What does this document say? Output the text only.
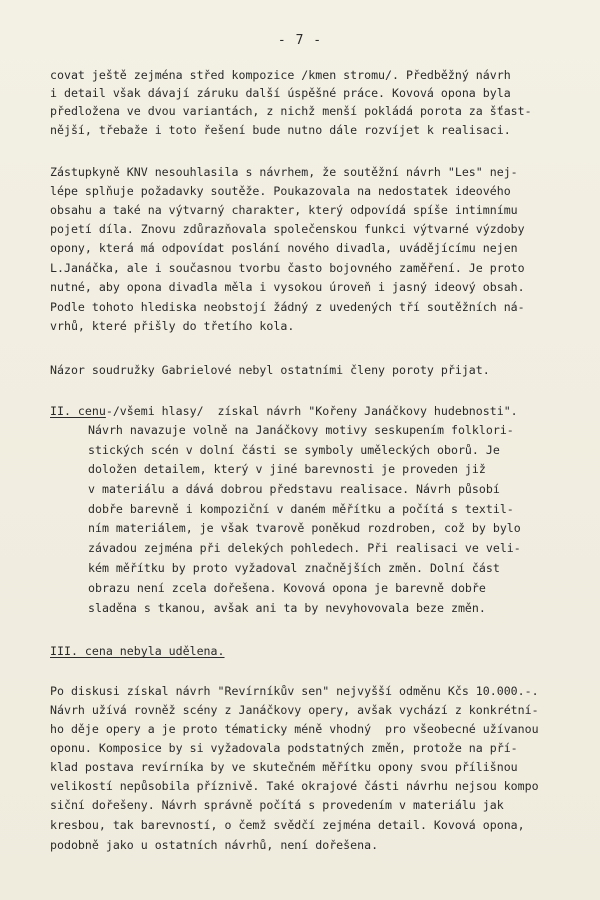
- 7 -
covat ještě zejména střed kompozice /kmen stromu/. Předběžný návrh
i detail však dávají záruku další úspěšné práce. Kovová opona byla
předložena ve dvou variantách, z nichž menší pokládá porota za šťast-
nější, třebaže i toto řešení bude nutno dále rozvíjet k realisaci.
Zástupkyně KNV nesouhlasila s návrhem, že soutěžní návrh "Les" nej-
lépe splňuje požadavky soutěže. Poukazovala na nedostatek ideového
obsahu a také na výtvarný charakter, který odpovídá spíše intimnímu
pojetí díla. Znovu zdůrazňovala společenskou funkci výtvarné výzdoby
opony, která má odpovídat poslání nového divadla, uvádějícímu nejen
L.Janáčka, ale i současnou tvorbu často bojovného zaměření. Je proto
nutné, aby opona divadla měla i vysokou úroveň i jasný ideový obsah.
Podle tohoto hlediska neobstojí žádný z uvedených tří soutěžních ná-
vrhů, které přišly do třetího kola.
Názor soudružky Gabrielové nebyl ostatními členy poroty přijat.
II. cenu-/všemi hlasy/  získal návrh "Kořeny Janáčkovy hudebnosti".
Návrh navazuje volně na Janáčkovy motivy seskupením folklori-
stických scén v dolní části se symboly uměleckých oborů. Je
doložen detailem, který v jiné barevnosti je proveden již
v materiálu a dává dobrou představu realisace. Návrh působí
dobře barevně i kompoziční v daném měřítku a počítá s textil-
ním materiálem, je však tvarově poněkud rozdroben, což by bylo
závadou zejména při delekých pohledech. Při realisaci ve veli-
kém měřítku by proto vyžadoval značnějších změn. Dolní část
obrazu není zcela dořešena. Kovová opona je barevně dobře
sladěna s tkanou, avšak ani ta by nevyhovovala beze změn.
III. cena nebyla udělena.
Po diskusi získal návrh "Revírníkův sen" nejvyšší odměnu Kčs 10.000.-.
Návrh užívá rovněž scény z Janáčkovy opery, avšak vychází z konkrétní-
ho děje opery a je proto tématicky méně vhodný  pro všeobecné užívanou
oponu. Komposice by si vyžadovala podstatných změn, protože na pří-
klad postava revírníka by ve skutečném měřítku opony svou přílišnou
velikostí nepůsobila příznivě. Také okrajové části návrhu nejsou kompo
siční dořešeny. Návrh správně počítá s provedením v materiálu jak
kresbou, tak barevností, o čemž svědčí zejména detail. Kovová opona,
podobně jako u ostatních návrhů, není dořešena.
